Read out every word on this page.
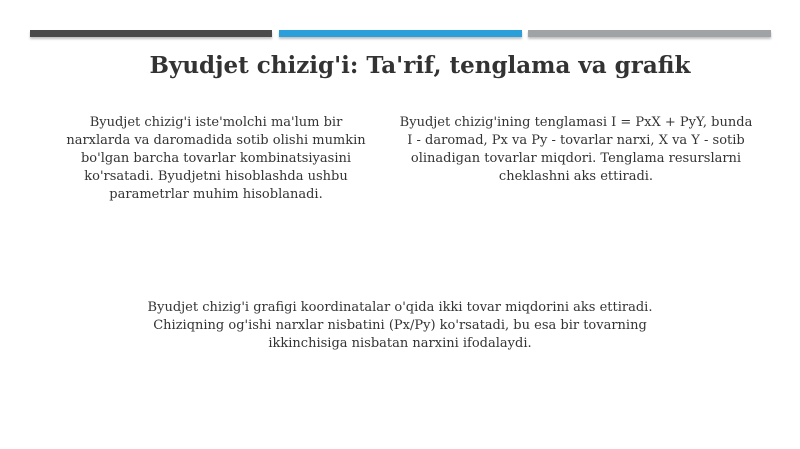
Byudjet chizig'i: Ta'rif, tenglama va grafik
Byudjet chizig'i iste'molchi ma'lum bir narxlarda va daromadida sotib olishi mumkin bo'lgan barcha tovarlar kombinatsiyasini ko'rsatadi. Byudjetni hisoblashda ushbu parametrlar muhim hisoblanadi.
Byudjet chizig'ining tenglamasi I = PxX + PyY, bunda I - daromad, Px va Py - tovarlar narxi, X va Y - sotib olinadigan tovarlar miqdori. Tenglama resurslarni cheklashni aks ettiradi.
Byudjet chizig'i grafigi koordinatalar o'qida ikki tovar miqdorini aks ettiradi. Chiziqning og'ishi narxlar nisbatini (Px/Py) ko'rsatadi, bu esa bir tovarning ikkinchisiga nisbatan narxini ifodalaydi.
